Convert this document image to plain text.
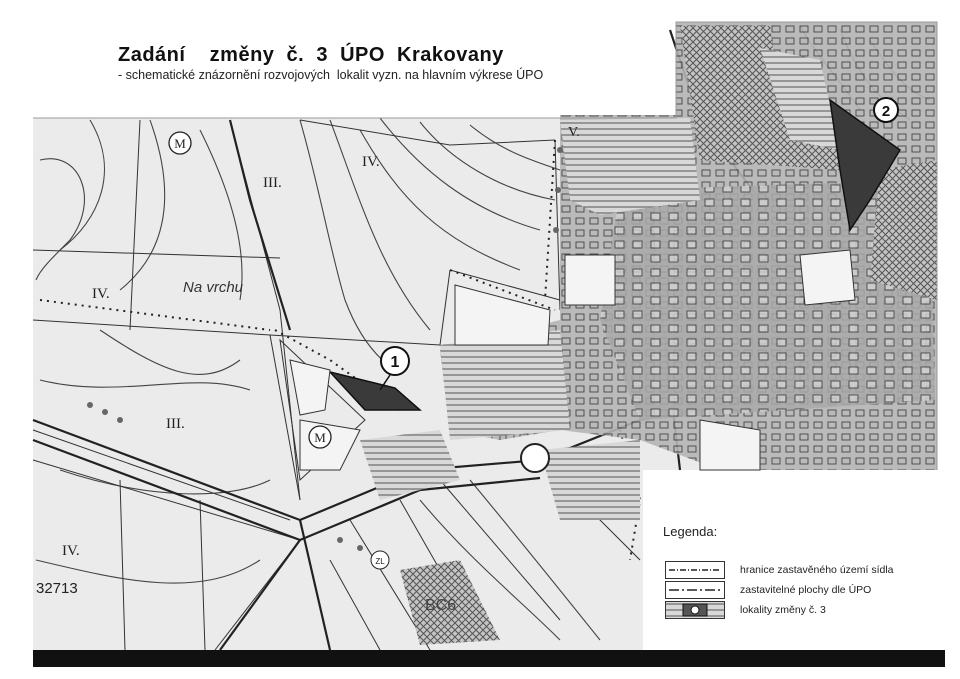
M
M
1
2
IV.
III.
IV.
III.
IV.
V.
Na vrchu
32713
BC6
ZL
Zadání    změny  č.  3  ÚPO  Krakovany
- schematické znázornění rozvojových  lokalit vyzn. na hlavním výkrese ÚPO
Legenda:
hranice zastavěného území sídla
zastavitelné plochy dle ÚPO
lokality změny č. 3
